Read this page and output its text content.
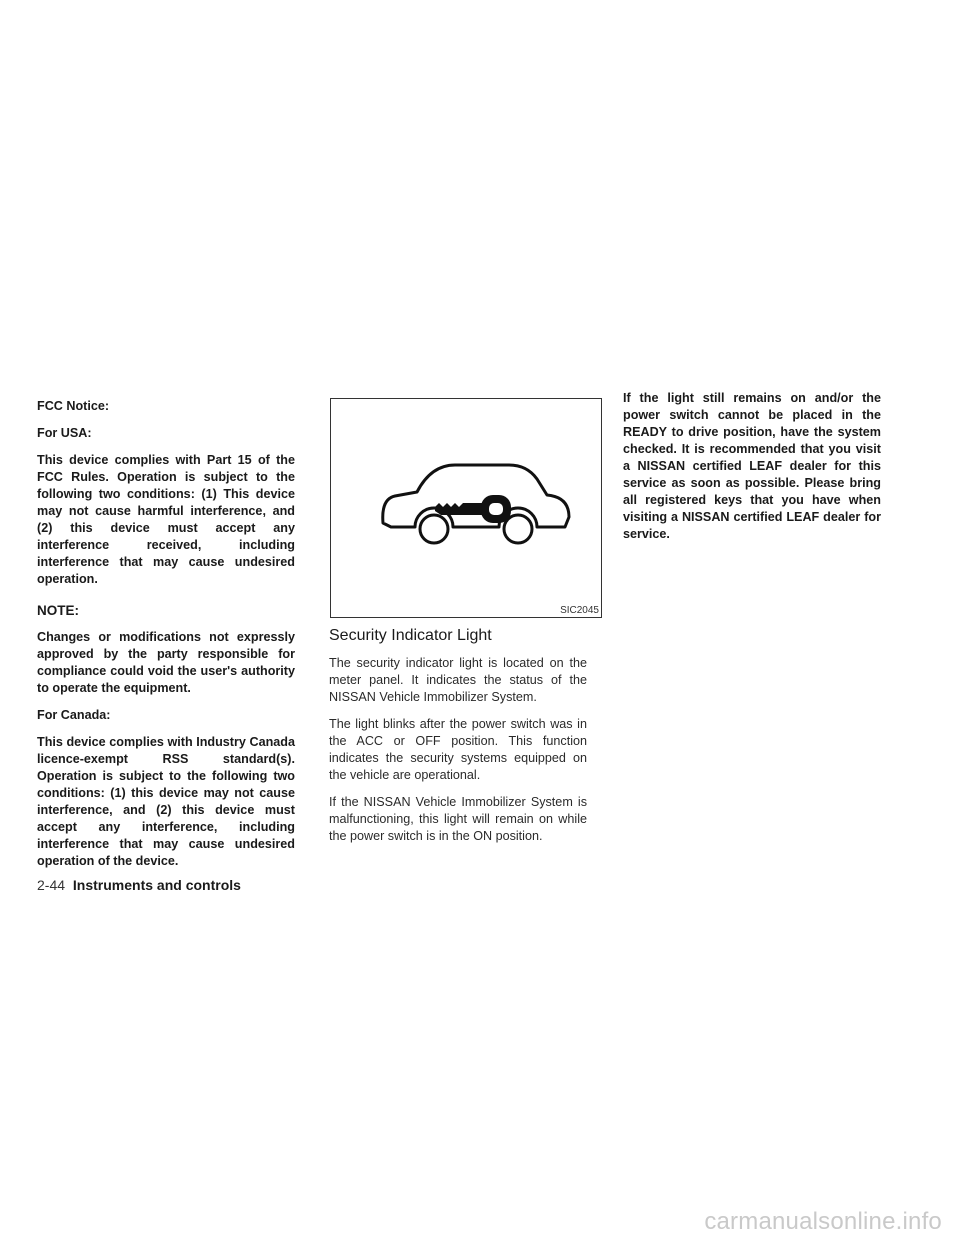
FCC Notice:

For USA:

This device complies with Part 15 of the FCC Rules. Operation is subject to the following two conditions: (1) This device may not cause harmful interference, and (2) this device must accept any interference received, including interference that may cause undesired operation.

NOTE:

Changes or modifications not expressly approved by the party responsible for compliance could void the user's authority to operate the equipment.

For Canada:

This device complies with Industry Canada licence-exempt RSS standard(s). Operation is subject to the following two conditions: (1) this device may not cause interference, and (2) this device must accept any interference, including interference that may cause undesired operation of the device.

SIC2045
Security Indicator Light

The security indicator light is located on the meter panel. It indicates the status of the NISSAN Vehicle Immobilizer System.

The light blinks after the power switch was in the ACC or OFF position. This function indicates the security systems equipped on the vehicle are operational.

If the NISSAN Vehicle Immobilizer System is malfunctioning, this light will remain on while the power switch is in the ON position.

If the light still remains on and/or the power switch cannot be placed in the READY to drive position, have the system checked. It is recommended that you visit a NISSAN certified LEAF dealer for this service as soon as possible. Please bring all registered keys that you have when visiting a NISSAN certified LEAF dealer for service.

2-44 Instruments and controls
carmanualsonline.info
